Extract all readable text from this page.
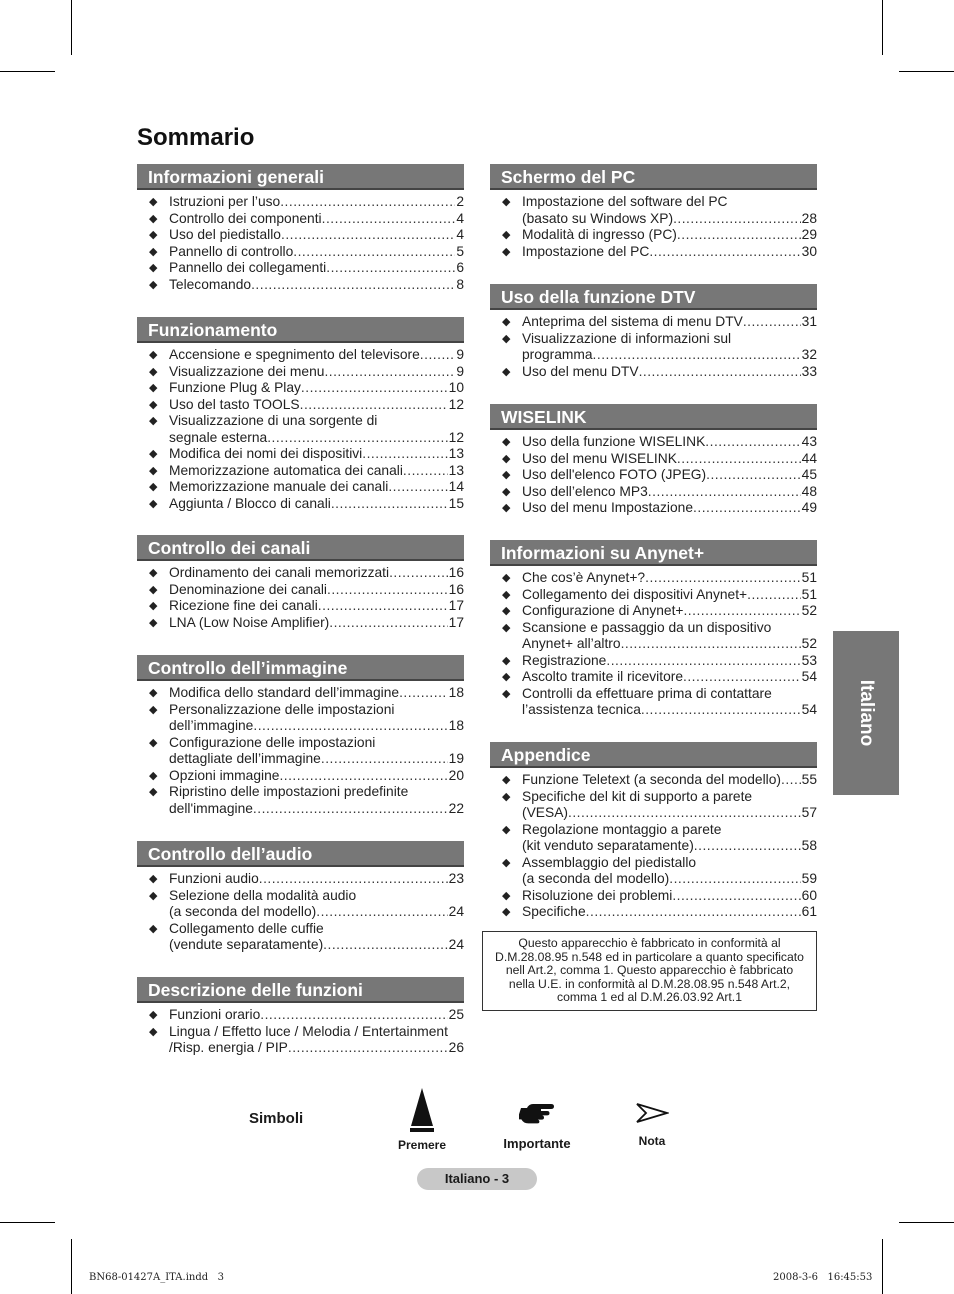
Sommario
Informazioni generali
◆ Istruzioni per l’uso .....	2
◆ Controllo dei componenti .....	4
◆ Uso del piedistallo .....	4
◆ Pannello di controllo .....	5
◆ Pannello dei collegamenti .....	6
◆ Telecomando .....	8
Funzionamento
◆ Accensione e spegnimento del televisore .....	9
◆ Visualizzazione dei menu .....	9
◆ Funzione Plug & Play .....	10
◆ Uso del tasto TOOLS .....	12
◆ Visualizzazione di una sorgente di
segnale esterna .....	12
◆ Modifica dei nomi dei dispositivi .....	13
◆ Memorizzazione automatica dei canali .....	13
◆ Memorizzazione manuale dei canali .....	14
◆ Aggiunta / Blocco di canali .....	15
Controllo dei canali
◆ Ordinamento dei canali memorizzati .....	16
◆ Denominazione dei canali .....	16
◆ Ricezione fine dei canali .....	17
◆ LNA (Low Noise Amplifier) .....	17
Controllo dell’immagine
◆ Modifica dello standard dell’immagine .....	18
◆ Personalizzazione delle impostazioni
dell’immagine .....	18
◆ Configurazione delle impostazioni
dettagliate dell’immagine .....	19
◆ Opzioni immagine .....	20
◆ Ripristino delle impostazioni predefinite
dell'immagine .....	22
Controllo dell’audio
◆ Funzioni audio .....	23
◆ Selezione della modalità audio
(a seconda del modello) .....	24
◆ Collegamento delle cuffie
(vendute separatamente) .....	24
Descrizione delle funzioni
◆ Funzioni orario .....	25
◆ Lingua / Effetto luce / Melodia / Entertainment
/Risp. energia / PIP .....	26
Schermo del PC
◆ Impostazione del software del PC
(basato su Windows XP) .....	28
◆ Modalità di ingresso (PC) .....	29
◆ Impostazione del PC .....	30
Uso della funzione DTV
◆ Anteprima del sistema di menu DTV .....	31
◆ Visualizzazione di informazioni sul
programma .....	32
◆ Uso del menu DTV .....	33
WISELINK
◆ Uso della funzione WISELINK .....	43
◆ Uso del menu WISELINK .....	44
◆ Uso dell'elenco FOTO (JPEG) .....	45
◆ Uso dell’elenco MP3 .....	48
◆ Uso del menu Impostazione .....	49
Informazioni su Anynet+
◆ Che cos’è Anynet+? .....	51
◆ Collegamento dei dispositivi Anynet+ .....	51
◆ Configurazione di Anynet+ .....	52
◆ Scansione e passaggio da un dispositivo
Anynet+ all’altro .....	52
◆ Registrazione .....	53
◆ Ascolto tramite il ricevitore .....	54
◆ Controlli da effettuare prima di contattare
l’assistenza tecnica .....	54
Appendice
◆ Funzione Teletext (a seconda del modello) ..... 55
◆ Specifiche del kit di supporto a parete
(VESA) .....	57
◆ Regolazione montaggio a parete
(kit venduto separatamente) .....	58
◆ Assemblaggio del piedistallo
(a seconda del modello) .....	59
◆ Risoluzione dei problemi .....	60
◆ Specifiche .....	61
Questo apparecchio è fabbricato in conformità al
D.M.28.08.95 n.548 ed in particolare a quanto specificato
nell Art.2, comma 1. Questo apparecchio è fabbricato
nella U.E. in conformità al D.M.28.08.95 n.548 Art.2,
comma 1 ed al D.M.26.03.92 Art.1
Italiano
Simboli
Premere	Importante	Nota
Italiano - 3
BN68-01427A_ITA.indd   3	2008-3-6   16:45:53
